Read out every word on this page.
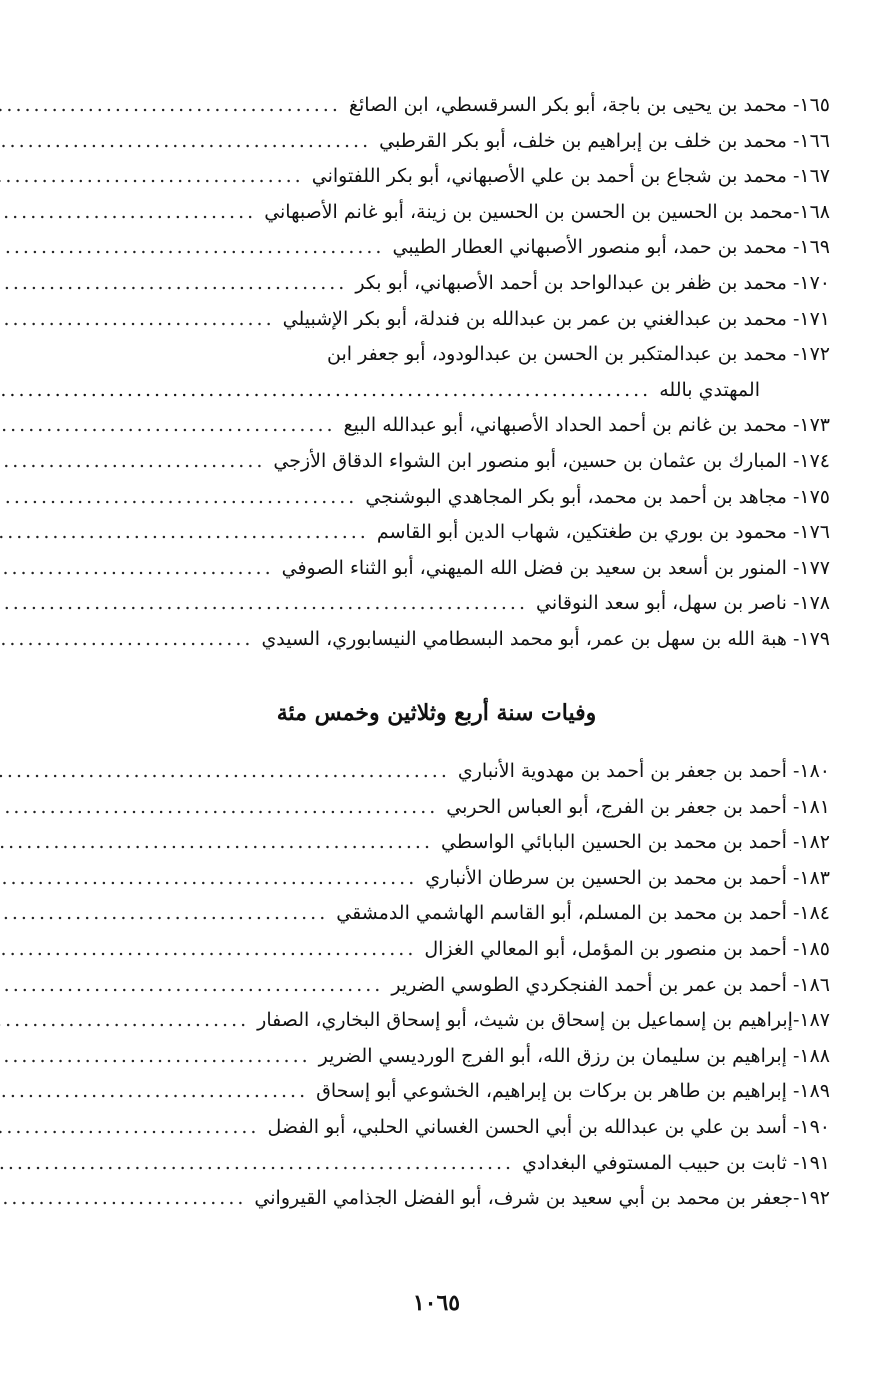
١٦٥- محمد بن يحيى بن باجة، أبو بكر السرقسطي، ابن الصائغ
.....
١٦٦- محمد بن خلف بن إبراهيم بن خلف، أبو بكر القرطبي
.....
١٦٧- محمد بن شجاع بن أحمد بن علي الأصبهاني، أبو بكر اللفتواني
.....
١٦٨-محمد بن الحسين بن الحسن بن الحسين بن زينة، أبو غانم الأصبهاني
.....
١٦٩- محمد بن حمد، أبو منصور الأصبهاني العطار الطيبي
.....
١٧٠- محمد بن ظفر بن عبدالواحد بن أحمد الأصبهاني، أبو بكر
.....
١٧١- محمد بن عبدالغني بن عمر بن عبدالله بن فندلة، أبو بكر الإشبيلي
.....
١٧٢- محمد بن عبدالمتكبر بن الحسن بن عبدالودود، أبو جعفر ابن
المهتدي بالله
.....
١٧٣- محمد بن غانم بن أحمد الحداد الأصبهاني، أبو عبدالله البيع
.....
١٧٤- المبارك بن عثمان بن حسين، أبو منصور ابن الشواء الدقاق الأزجي
.....
١٧٥- مجاهد بن أحمد بن محمد، أبو بكر المجاهدي البوشنجي
.....
١٧٦- محمود بن بوري بن طغتكين، شهاب الدين أبو القاسم
.....
١٧٧- المنور بن أسعد بن سعيد بن فضل الله الميهني، أبو الثناء الصوفي
.....
١٧٨- ناصر بن سهل، أبو سعد النوقاني
.....
١٧٩- هبة الله بن سهل بن عمر، أبو محمد البسطامي النيسابوري، السيدي
.....
وفيات سنة أربع وثلاثين وخمس مئة
١٨٠- أحمد بن جعفر بن أحمد بن مهدوية الأنباري
.....
١٨١- أحمد بن جعفر بن الفرج، أبو العباس الحربي
.....
١٨٢- أحمد بن محمد بن الحسين البابائي الواسطي
.....
١٨٣- أحمد بن محمد بن الحسين بن سرطان الأنباري
.....
١٨٤- أحمد بن محمد بن المسلم، أبو القاسم الهاشمي الدمشقي
.....
١٨٥- أحمد بن منصور بن المؤمل، أبو المعالي الغزال
.....
١٨٦- أحمد بن عمر بن أحمد الفنجكردي الطوسي الضرير
.....
١٨٧-إبراهيم بن إسماعيل بن إسحاق بن شيث، أبو إسحاق البخاري، الصفار
.....
١٨٨- إبراهيم بن سليمان بن رزق الله، أبو الفرج الورديسي الضرير
.....
١٨٩- إبراهيم بن طاهر بن بركات بن إبراهيم، الخشوعي أبو إسحاق
.....
١٩٠- أسد بن علي بن عبدالله بن أبي الحسن الغساني الحلبي، أبو الفضل
.....
١٩١- ثابت بن حبيب المستوفي البغدادي
.....
١٩٢-جعفر بن محمد بن أبي سعيد بن شرف، أبو الفضل الجذامي القيرواني
.....
١٠٦٥
